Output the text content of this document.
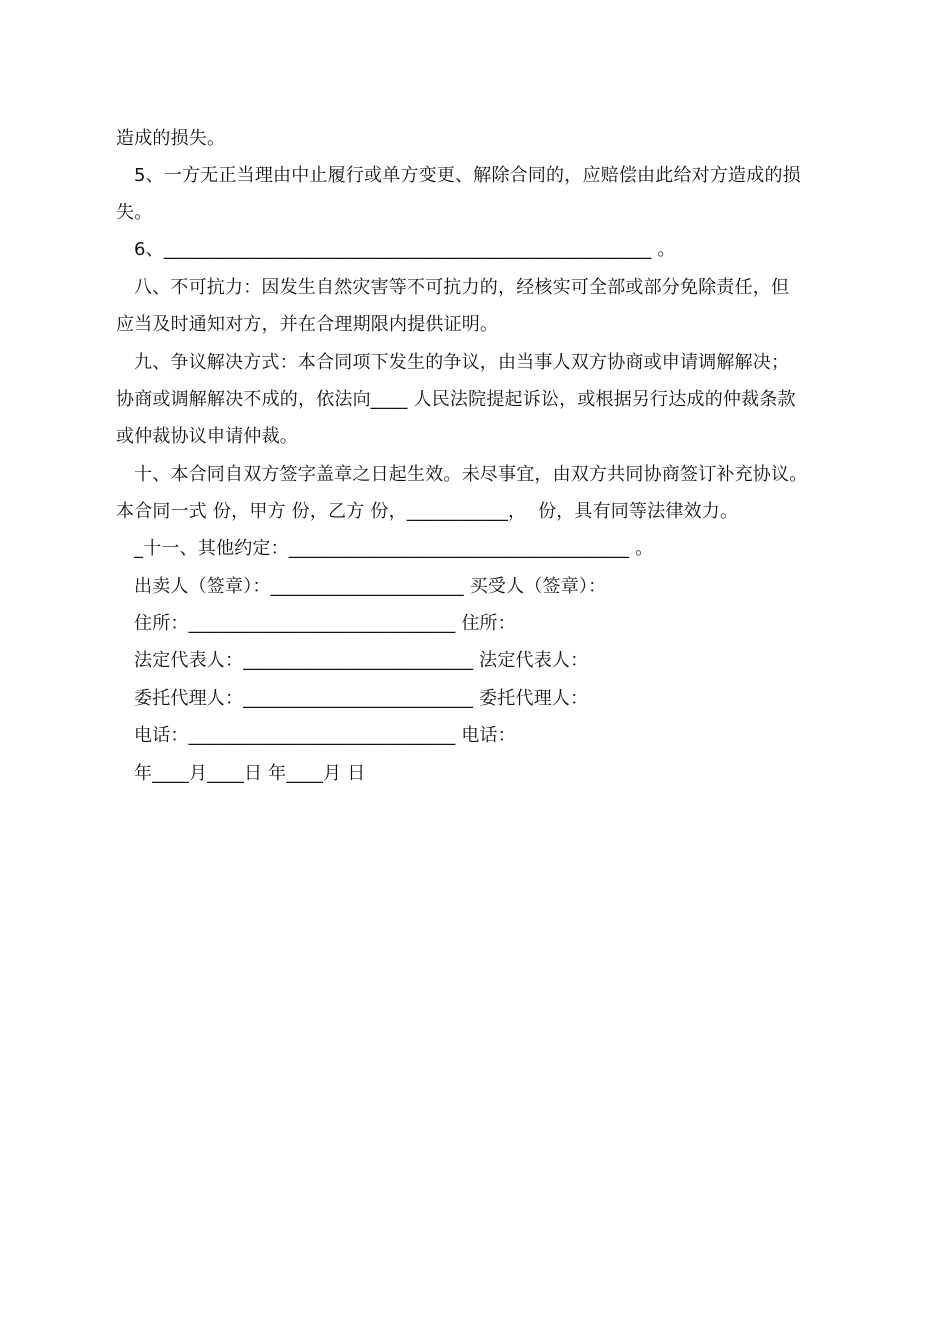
造成的损失。
5、一方无正当理由中止履行或单方变更、解除合同的，应赔偿由此给对方造成的损
失。
6、_____________________________________________________ 。
八、不可抗力：因发生自然灾害等不可抗力的，经核实可全部或部分免除责任，但
应当及时通知对方，并在合理期限内提供证明。
九、争议解决方式：本合同项下发生的争议，由当事人双方协商或申请调解解决；
协商或调解解决不成的，依法向____ 人民法院提起诉讼，或根据另行达成的仲裁条款
或仲裁协议申请仲裁。
十、本合同自双方签字盖章之日起生效。未尽事宜，由双方共同协商签订补充协议。
本合同一式 份，甲方 份，乙方 份，___________，  份，具有同等法律效力。
_十一、其他约定：_____________________________________ 。
出卖人（签章）：_____________________ 买受人（签章）：
住所：_____________________________ 住所：
法定代表人：_________________________ 法定代表人：
委托代理人：_________________________ 委托代理人：
电话：_____________________________ 电话：
年____月____日 年____月 日
